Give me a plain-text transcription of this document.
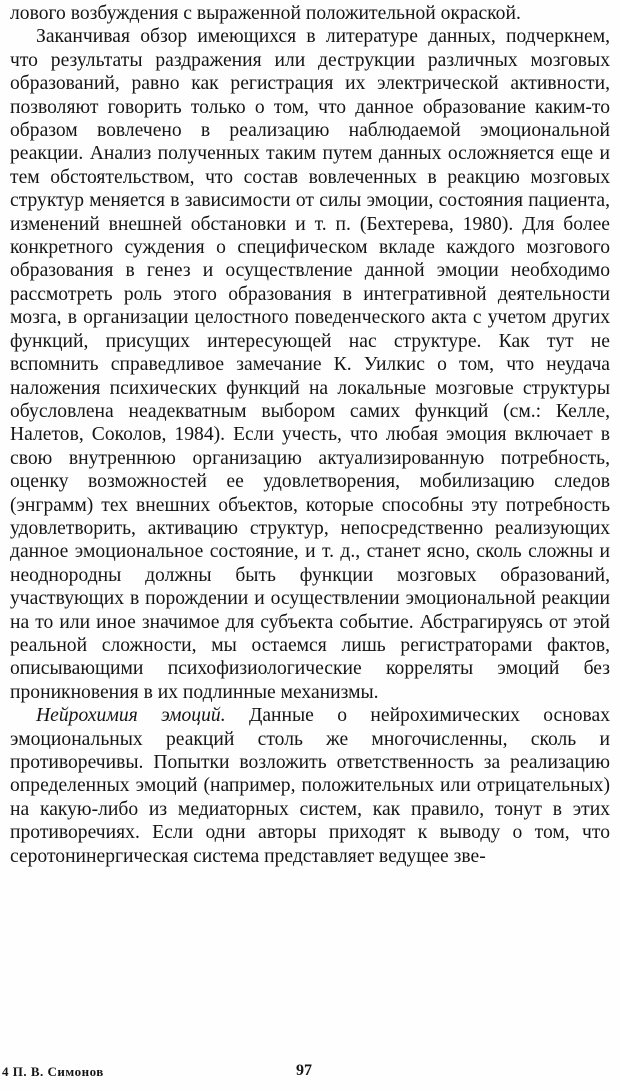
лового возбуждения с выраженной положительной окраской.

Заканчивая обзор имеющихся в литературе данных, подчеркнем, что результаты раздражения или деструкции различных мозговых образований, равно как регистрация их электрической активности, позволяют говорить только о том, что данное образование каким-то образом вовлечено в реализацию наблюдаемой эмоциональной реакции. Анализ полученных таким путем данных осложняется еще и тем обстоятельством, что состав вовлеченных в реакцию мозговых структур меняется в зависимости от силы эмоции, состояния пациента, изменений внешней обстановки и т. п. (Бехтерева, 1980). Для более конкретного суждения о специфическом вкладе каждого мозгового образования в генез и осуществление данной эмоции необходимо рассмотреть роль этого образования в интегративной деятельности мозга, в организации целостного поведенческого акта с учетом других функций, присущих интересующей нас структуре. Как тут не вспомнить справедливое замечание К. Уилкис о том, что неудача наложения психических функций на локальные мозговые структуры обусловлена неадекватным выбором самих функций (см.: Келле, Налетов, Соколов, 1984). Если учесть, что любая эмоция включает в свою внутреннюю организацию актуализированную потребность, оценку возможностей ее удовлетворения, мобилизацию следов (энграмм) тех внешних объектов, которые способны эту потребность удовлетворить, активацию структур, непосредственно реализующих данное эмоциональное состояние, и т. д., станет ясно, сколь сложны и неоднородны должны быть функции мозговых образований, участвующих в порождении и осуществлении эмоциональной реакции на то или иное значимое для субъекта событие. Абстрагируясь от этой реальной сложности, мы остаемся лишь регистраторами фактов, описывающими психофизиологические корреляты эмоций без проникновения в их подлинные механизмы.

Нейрохимия эмоций. Данные о нейрохимических основах эмоциональных реакций столь же многочисленны, сколь и противоречивы. Попытки возложить ответственность за реализацию определенных эмоций (например, положительных или отрицательных) на какую-либо из медиаторных систем, как правило, тонут в этих противоречиях. Если одни авторы приходят к выводу о том, что серотонинергическая система представляет ведущее зве-

4 П. В. Симонов	97
